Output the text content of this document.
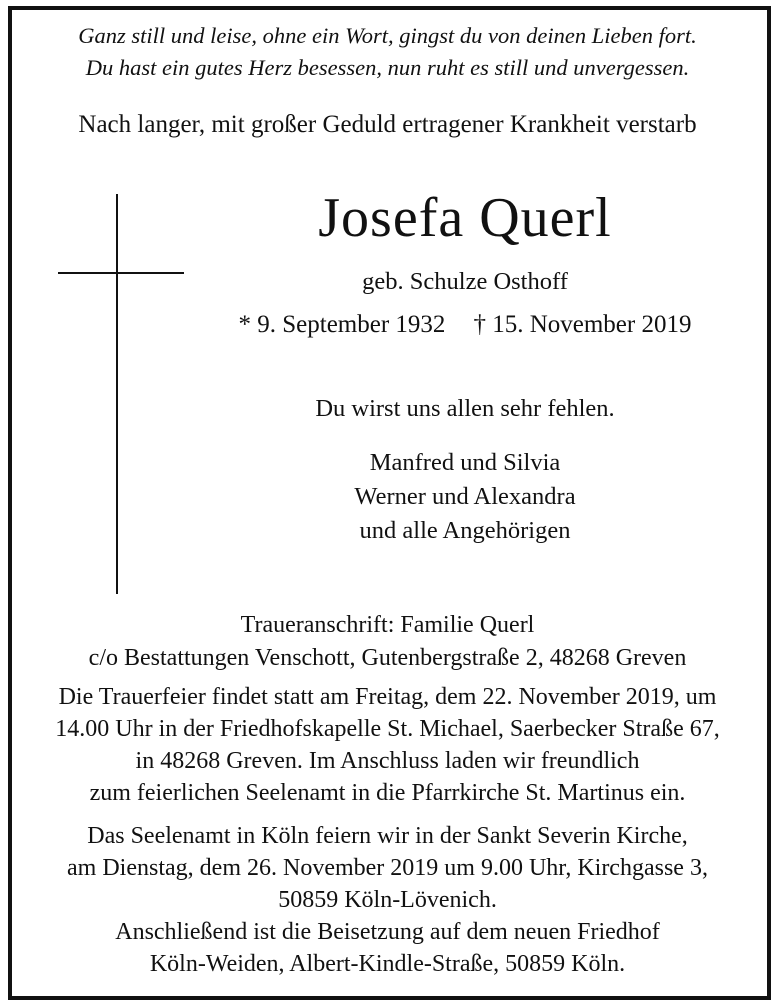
Ganz still und leise, ohne ein Wort, gingst du von deinen Lieben fort.
Du hast ein gutes Herz besessen, nun ruht es still und unvergessen.
Nach langer, mit großer Geduld ertragener Krankheit verstarb
Josefa Querl
geb. Schulze Osthoff
* 9. September 1932 † 15. November 2019
Du wirst uns allen sehr fehlen.
Manfred und Silvia
Werner und Alexandra
und alle Angehörigen
Traueranschrift: Familie Querl
c/o Bestattungen Venschott, Gutenbergstraße 2, 48268 Greven
Die Trauerfeier findet statt am Freitag, dem 22. November 2019, um
14.00 Uhr in der Friedhofskapelle St. Michael, Saerbecker Straße 67,
in 48268 Greven. Im Anschluss laden wir freundlich
zum feierlichen Seelenamt in die Pfarrkirche St. Martinus ein.
Das Seelenamt in Köln feiern wir in der Sankt Severin Kirche,
am Dienstag, dem 26. November 2019 um 9.00 Uhr, Kirchgasse 3,
50859 Köln-Lövenich.
Anschließend ist die Beisetzung auf dem neuen Friedhof
Köln-Weiden, Albert-Kindle-Straße, 50859 Köln.
